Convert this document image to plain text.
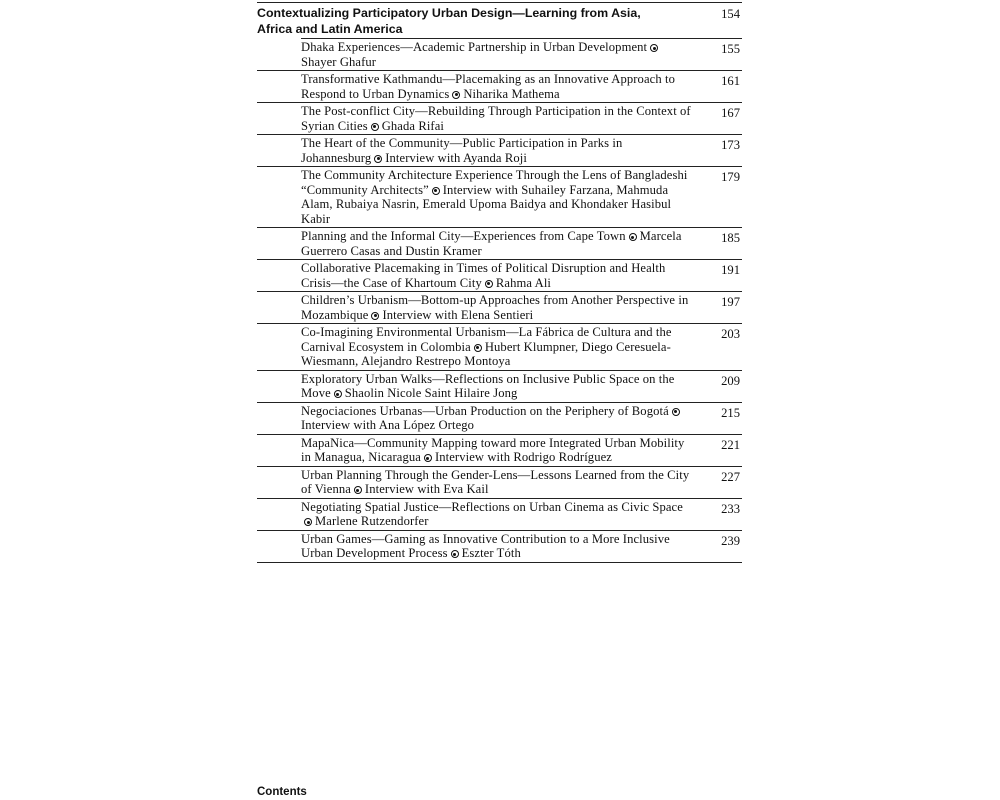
Contextualizing Participatory Urban Design—Learning from Asia, Africa and Latin America
154
Dhaka Experiences—Academic Partnership in Urban DevelopmentShayer Ghafur
155
Transformative Kathmandu—Placemaking as an Innovative Approach to Respond to Urban Dynamics Niharika Mathema
161
The Post-conflict City—Rebuilding Through Participation in the Context of Syrian Cities Ghada Rifai
167
The Heart of the Community—Public Participation in Parks in Johannesburg Interview with Ayanda Roji
173
The Community Architecture Experience Through the Lens of Bangladeshi “Community Architects” Interview with Suhailey Farzana, Mahmuda Alam, Rubaiya Nasrin, Emerald Upoma Baidya and Khondaker Hasibul Kabir
179
Planning and the Informal City—Experiences from Cape Town Marcela Guerrero Casas and Dustin Kramer
185
Collaborative Placemaking in Times of Political Disruption and Health Crisis—the Case of Khartoum City Rahma Ali
191
Children’s Urbanism—Bottom-up Approaches from Another Perspective in Mozambique Interview with Elena Sentieri
197
Co-Imagining Environmental Urbanism—La Fábrica de Cultura and the Carnival Ecosystem in Colombia Hubert Klumpner, Diego Ceresuela-Wiesmann, Alejandro Restrepo Montoya
203
Exploratory Urban Walks—Reflections on Inclusive Public Space on the Move Shaolin Nicole Saint Hilaire Jong
209
Negociaciones Urbanas—Urban Production on the Periphery of BogotáInterview with Ana López Ortego
215
MapaNica—Community Mapping toward more Integrated Urban Mobility in Managua, Nicaragua Interview with Rodrigo Rodríguez
221
Urban Planning Through the Gender-Lens—Lessons Learned from the City of Vienna Interview with Eva Kail
227
Negotiating Spatial Justice—Reflections on Urban Cinema as Civic SpaceMarlene Rutzendorfer
233
Urban Games—Gaming as Innovative Contribution to a More Inclusive Urban Development Process Eszter Tóth
239
Contents
